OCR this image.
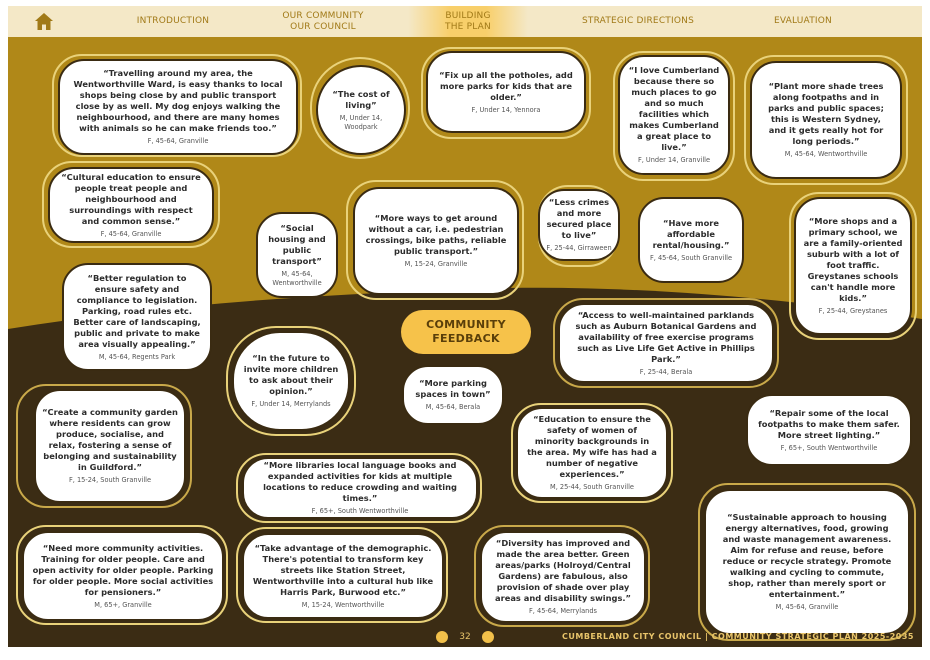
INTRODUCTION
OUR COMMUNITY
OUR COUNCIL
BUILDING
THE PLAN
STRATEGIC DIRECTIONS	EVALUATION
“Travelling around my area, the Wentworthville Ward, is easy thanks to local shops being close by and public transport close by as well. My dog enjoys walking the neighbourhood, and there are many homes with animals so he can make friends too.”
F, 45-64, Granville
“The cost of living”
M, Under 14, Woodpark
“Fix up all the potholes, add more parks for kids that are older.”
F, Under 14, Yennora
“I love Cumberland because there so much places to go and so much facilities which makes Cumberland a great place to live.”
F, Under 14, Granville
“Plant more shade trees along footpaths and in parks and public spaces; this is Western Sydney, and it gets really hot for long periods.”
M, 45-64, Wentworthville
“Cultural education to ensure people treat people and neighbourhood and surroundings with respect and common sense.”
F, 45-64, Granville
“Social housing and public transport”
M, 45-64, Wentworthville
“More ways to get around without a car, i.e. pedestrian crossings, bike paths, reliable public transport.”
M, 15-24, Granville
“Less crimes and more secured place to live”
F, 25-44, Girraween
“Have more affordable rental/housing.”
F, 45-64, South Granville
“More shops and a primary school, we are a family-oriented suburb with a lot of foot traffic. Greystanes schools can't handle more kids.”
F, 25-44, Greystanes
“Better regulation to ensure safety and compliance to legislation. Parking, road rules etc. Better care of landscaping, public and private to make area visually appealing.”
M, 45-64, Regents Park	“In the future to invite more children to ask about their opinion.”
F, Under 14, Merrylands
“Access to well-maintained parklands such as Auburn Botanical Gardens and availability of free exercise programs such as Live Life Get Active in Phillips Park.”
F, 25-44, Berala
“More parking spaces in town”
M, 45-64, Berala
“Create a community garden where residents can grow produce, socialise, and relax, fostering a sense of belonging and sustainability in Guildford.”
F, 15-24, South Granville
“Education to ensure the safety of women of minority backgrounds in the area. My wife has had a number of negative experiences.”
M, 25-44, South Granville
“Repair some of the local footpaths to make them safer. More street lighting.”
F, 65+, South Wentworthville
“More libraries local language books and expanded activities for kids at multiple locations to reduce crowding and waiting times.”
F, 65+, South Wentworthville
“Need more community activities. Training for older people. Care and open activity for older people. Parking for older people. More social activities for pensioners.”
M, 65+, Granville
“Take advantage of the demographic. There's potential to transform key streets like Station Street, Wentworthville into a cultural hub like Harris Park, Burwood etc.”
M, 15-24, Wentworthville
“Diversity has improved and made the area better. Green areas/parks (Holroyd/Central Gardens) are fabulous, also provision of shade over play areas and disability swings.”
F, 45-64, Merrylands
“Sustainable approach to housing energy alternatives, food, growing and waste management awareness. Aim for refuse and reuse, before reduce or recycle strategy. Promote walking and cycling to commute, shop, rather than merely sport or entertainment.”
M, 45-64, Granville
COMMUNITY
FEEDBACK
32	CUMBERLAND CITY COUNCIL | COMMUNITY STRATEGIC PLAN 2025-2035
